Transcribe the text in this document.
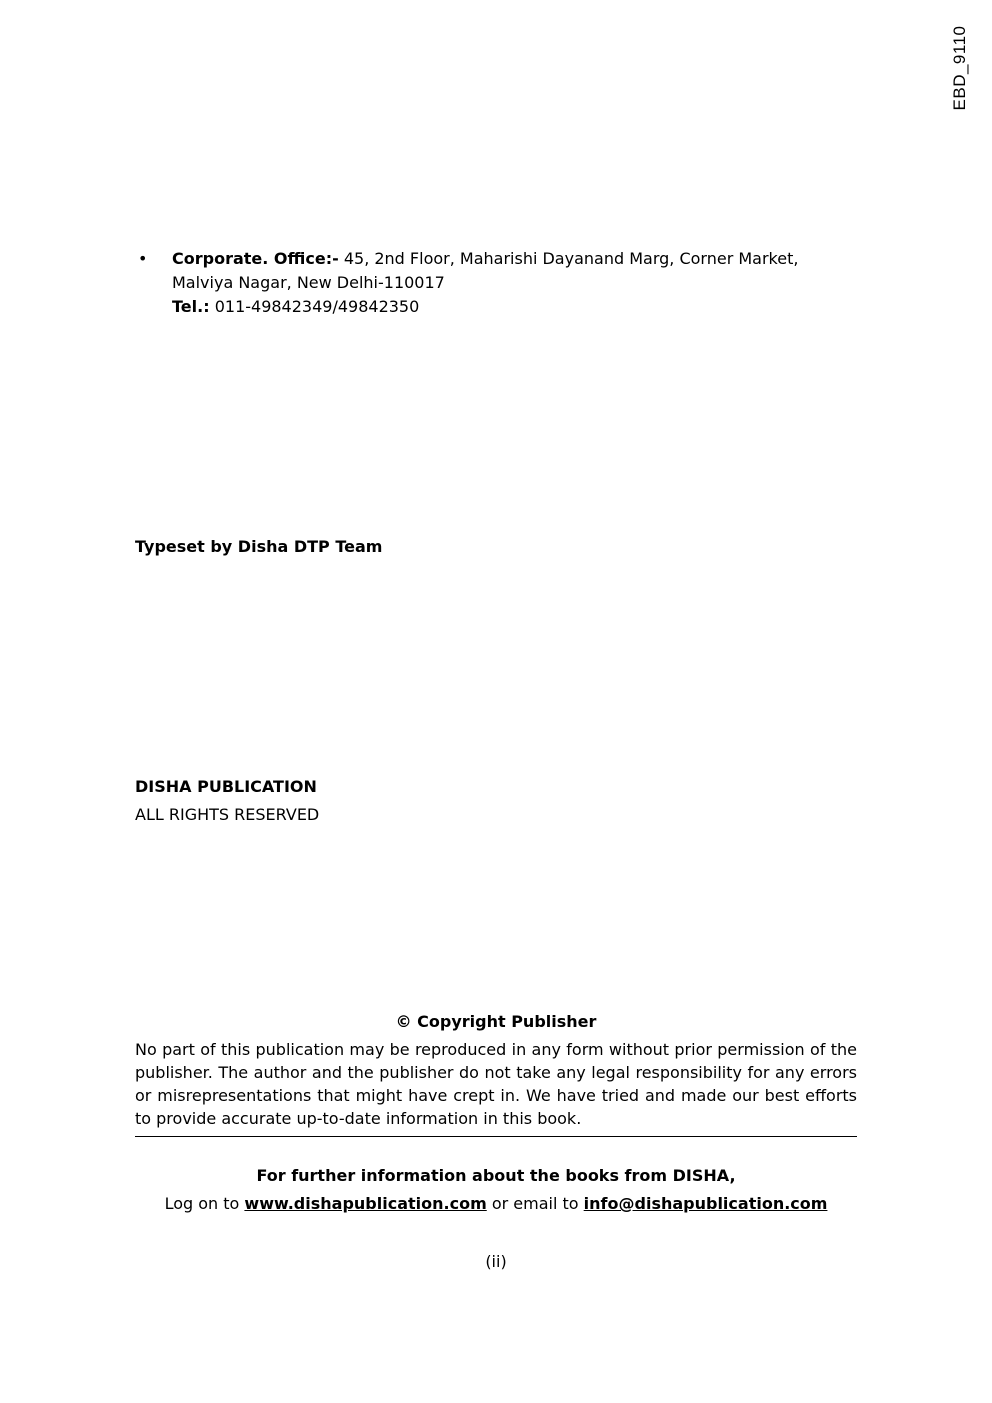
EBD_9110
• Corporate. Office:- 45, 2nd Floor, Maharishi Dayanand Marg, Corner Market, Malviya Nagar, New Delhi-110017
Tel.: 011-49842349/49842350
Typeset by Disha DTP Team
DISHA PUBLICATION
ALL RIGHTS RESERVED
© Copyright Publisher
No part of this publication may be reproduced in any form without prior permission of the publisher. The author and the publisher do not take any legal responsibility for any errors or misrepresentations that might have crept in. We have tried and made our best efforts to provide accurate up-to-date information in this book.
For further information about the books from DISHA,
Log on to www.dishapublication.com or email to info@dishapublication.com
(ii)
